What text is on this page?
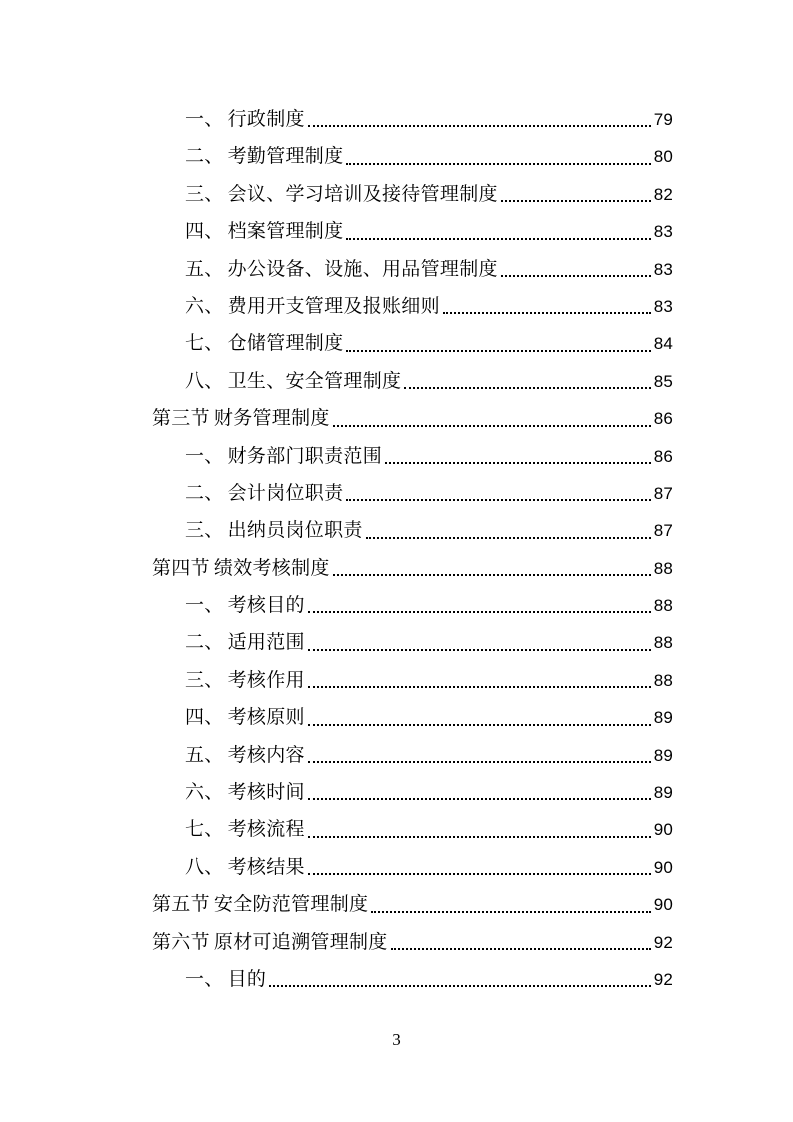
一、 行政制度	79
二、 考勤管理制度	80
三、 会议、学习培训及接待管理制度	82
四、 档案管理制度	83
五、 办公设备、设施、用品管理制度	83
六、 费用开支管理及报账细则	83
七、 仓储管理制度	84
八、 卫生、安全管理制度	85
第三节 财务管理制度	86
一、 财务部门职责范围	86
二、 会计岗位职责	87
三、 出纳员岗位职责	87
第四节 绩效考核制度	88
一、 考核目的	88
二、 适用范围	88
三、 考核作用	88
四、 考核原则	89
五、 考核内容	89
六、 考核时间	89
七、 考核流程	90
八、 考核结果	90
第五节 安全防范管理制度	90
第六节 原材可追溯管理制度	92
一、 目的	92
3
